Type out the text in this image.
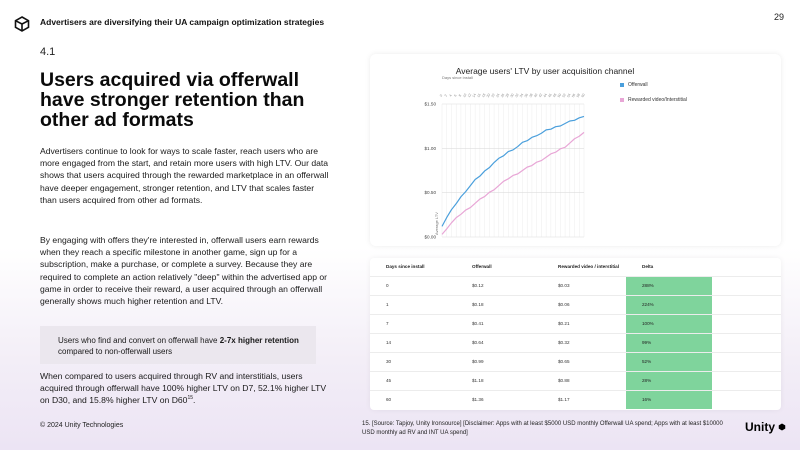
Advertisers are diversifying their UA campaign optimization strategies	29
4.1
Users acquired via offerwall have stronger retention than other ad formats
Advertisers continue to look for ways to scale faster, reach users who are more engaged from the start, and retain more users with high LTV. Our data shows that users acquired through the rewarded marketplace in an offerwall have deeper engagement, stronger retention, and LTV that scales faster than users acquired from other ad formats.
By engaging with offers they're interested in, offerwall users earn rewards when they reach a specific milestone in another game, sign up for a subscription, make a purchase, or complete a survey. Because they are required to complete an action relatively "deep" within the advertised app or game in order to receive their reward, a user acquired through an offerwall generally shows much higher retention and LTV.
Users who find and convert on offerwall have 2-7x higher retention compared to non-offerwall users
When compared to users acquired through RV and interstitials, users acquired through offerwall have 100% higher LTV on D7, 52.1% higher LTV on D30, and 15.8% higher LTV on $D60^{15}$.
© 2024 Unity Technologies	15. [Source: Tapjoy, Unity Ironsource] [Disclaimer: Apps with at least $5000 USD monthly Offerwall UA spend; Apps with at least $10000 USD monthly ad RV and INT UA spend]	Unity
Average users' LTV by user acquisition channel
0 2 4 6 8 10 12 14 16 18 20 22 24 26 28 30 32 34 36 38 40 42 44 46 48 50 52 54 56 58 60
$0.00
$0.50
$1.00
$1.50
Days since install
Average LTV
Offerwall
Rewarded video/Interstitial
Days since install	Offerwall	Rewarded video / interstitial	Delta	
0	$0.12	$0.03	288%	
1	$0.18	$0.06	224%	
7	$0.41	$0.21	100%	
14	$0.64	$0.32	99%	
30	$0.99	$0.65	52%	
45	$1.18	$0.88	28%	
60	$1.36	$1.17	16%	
